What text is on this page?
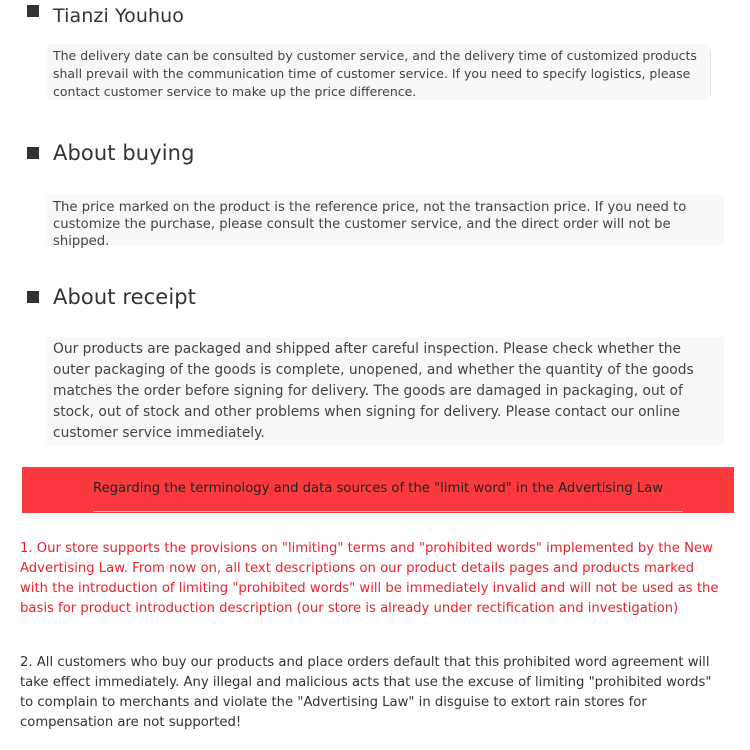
Tianzi Youhuo
The delivery date can be consulted by customer service, and the delivery time of customized products shall prevail with the communication time of customer service. If you need to specify logistics, please contact customer service to make up the price difference.
About buying
The price marked on the product is the reference price, not the transaction price. If you need to customize the purchase, please consult the customer service, and the direct order will not be shipped.
About receipt
Our products are packaged and shipped after careful inspection. Please check whether the outer packaging of the goods is complete, unopened, and whether the quantity of the goods matches the order before signing for delivery. The goods are damaged in packaging, out of stock, out of stock and other problems when signing for delivery. Please contact our online customer service immediately.
Regarding the terminology and data sources of the "limit word" in the Advertising Law
1. Our store supports the provisions on "limiting" terms and "prohibited words" implemented by the New Advertising Law. From now on, all text descriptions on our product details pages and products marked with the introduction of limiting "prohibited words" will be immediately invalid and will not be used as the basis for product introduction description (our store is already under rectification and investigation)
2. All customers who buy our products and place orders default that this prohibited word agreement will take effect immediately. Any illegal and malicious acts that use the excuse of limiting "prohibited words" to complain to merchants and violate the "Advertising Law" in disguise to extort rain stores for compensation are not supported!
